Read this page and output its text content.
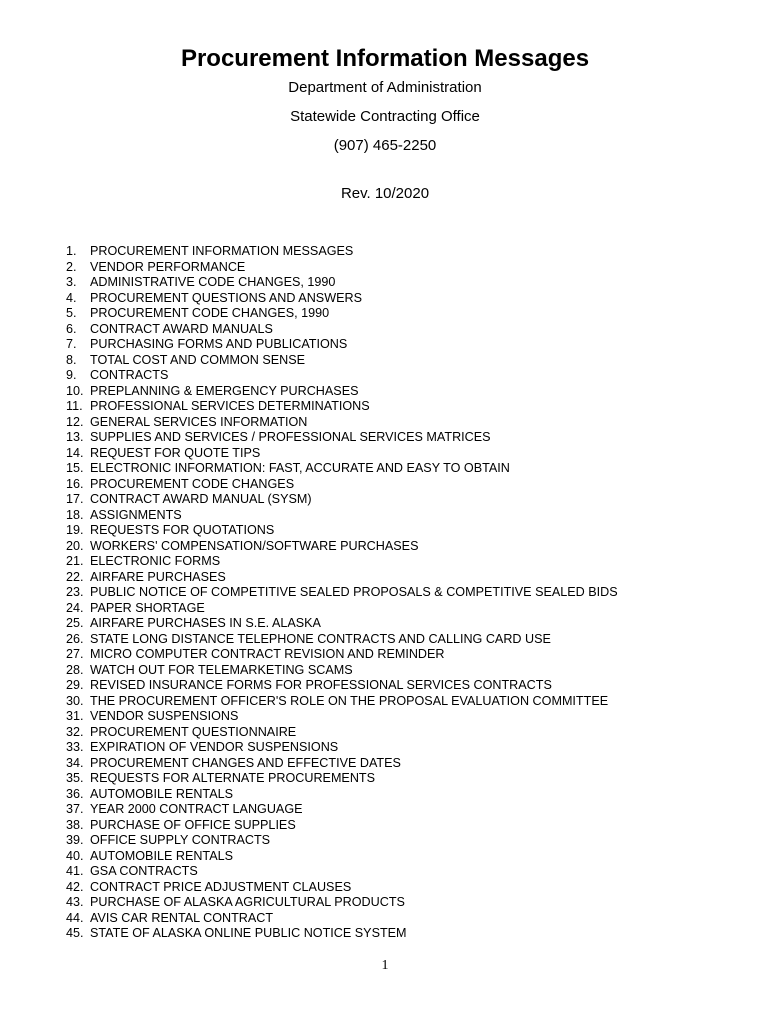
Procurement Information Messages
Department of Administration
Statewide Contracting Office
(907) 465-2250
Rev. 10/2020
1.	PROCUREMENT INFORMATION MESSAGES
2.	VENDOR PERFORMANCE
3.	ADMINISTRATIVE CODE CHANGES, 1990
4.	PROCUREMENT QUESTIONS AND ANSWERS
5.	PROCUREMENT CODE CHANGES, 1990
6.	CONTRACT AWARD MANUALS
7.	PURCHASING FORMS AND PUBLICATIONS
8.	TOTAL COST AND COMMON SENSE
9.	CONTRACTS
10. PREPLANNING & EMERGENCY PURCHASES
11. PROFESSIONAL SERVICES DETERMINATIONS
12. GENERAL SERVICES INFORMATION
13. SUPPLIES AND SERVICES / PROFESSIONAL SERVICES MATRICES
14. REQUEST FOR QUOTE TIPS
15. ELECTRONIC INFORMATION: FAST, ACCURATE AND EASY TO OBTAIN
16. PROCUREMENT CODE CHANGES
17. CONTRACT AWARD MANUAL (SYSM)
18. ASSIGNMENTS
19. REQUESTS FOR QUOTATIONS
20. WORKERS' COMPENSATION/SOFTWARE PURCHASES
21. ELECTRONIC FORMS
22. AIRFARE PURCHASES
23. PUBLIC NOTICE OF COMPETITIVE SEALED PROPOSALS & COMPETITIVE SEALED BIDS
24. PAPER SHORTAGE
25. AIRFARE PURCHASES IN S.E. ALASKA
26. STATE LONG DISTANCE TELEPHONE CONTRACTS AND CALLING CARD USE
27. MICRO COMPUTER CONTRACT REVISION AND REMINDER
28. WATCH OUT FOR TELEMARKETING SCAMS
29. REVISED INSURANCE FORMS FOR PROFESSIONAL SERVICES CONTRACTS
30. THE PROCUREMENT OFFICER'S ROLE ON THE PROPOSAL EVALUATION COMMITTEE
31. VENDOR SUSPENSIONS
32. PROCUREMENT QUESTIONNAIRE
33. EXPIRATION OF VENDOR SUSPENSIONS
34. PROCUREMENT CHANGES AND EFFECTIVE DATES
35. REQUESTS FOR ALTERNATE PROCUREMENTS
36. AUTOMOBILE RENTALS
37. YEAR 2000 CONTRACT LANGUAGE
38. PURCHASE OF OFFICE SUPPLIES
39. OFFICE SUPPLY CONTRACTS
40. AUTOMOBILE RENTALS
41. GSA CONTRACTS
42. CONTRACT PRICE ADJUSTMENT CLAUSES
43. PURCHASE OF ALASKA AGRICULTURAL PRODUCTS
44. AVIS CAR RENTAL CONTRACT
45. STATE OF ALASKA ONLINE PUBLIC NOTICE SYSTEM
1
